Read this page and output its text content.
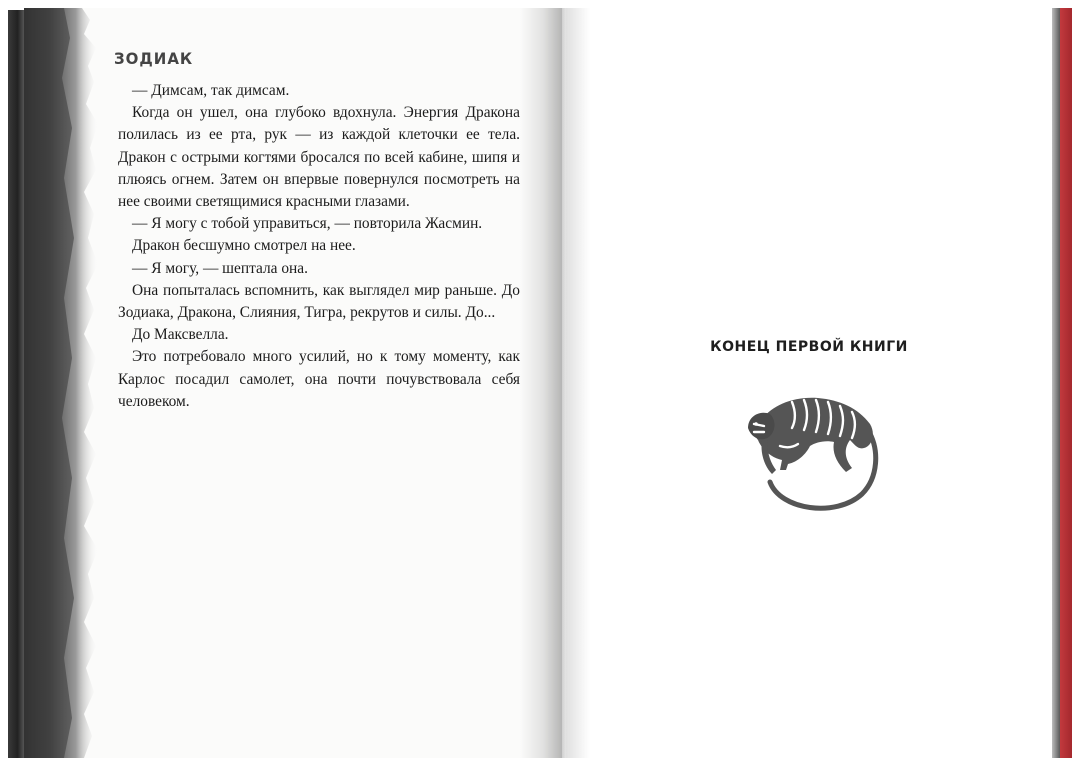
ЗОДИАК

— Димсам, так димсам.

Когда он ушел, она глубоко вдохнула. Энергия Дракона полилась из ее рта, рук — из каждой клеточки ее тела. Дракон с острыми когтями бросался по всей кабине, шипя и плюясь огнем. Затем он впервые повернулся посмотреть на нее своими светящимися красными глазами.

— Я могу с тобой управиться, — повторила Жасмин.

Дракон бесшумно смотрел на нее.

— Я могу, — шептала она.

Она попыталась вспомнить, как выглядел мир раньше. До Зодиака, Дракона, Слияния, Тигра, рекрутов и силы. До...

До Максвелла.

Это потребовало много усилий, но к тому моменту, как Карлос посадил самолет, она почти почувствовала себя человеком.

КОНЕЦ ПЕРВОЙ КНИГИ
